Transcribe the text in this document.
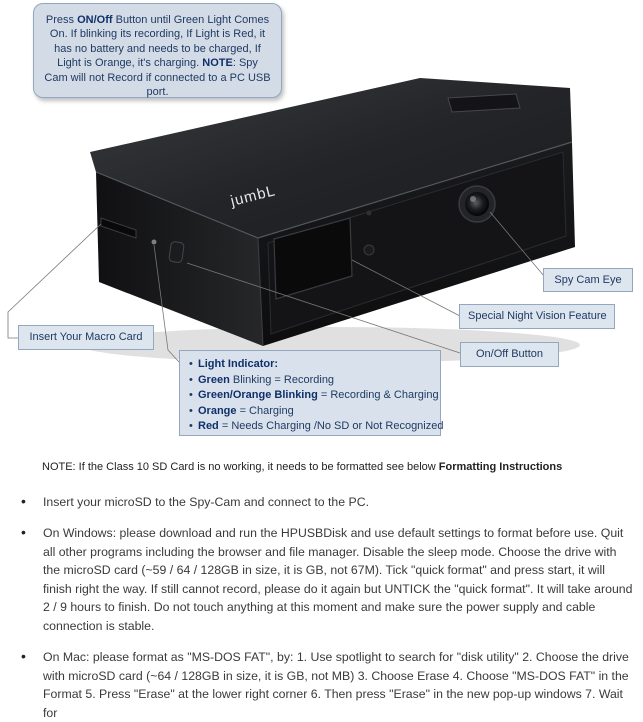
jumbL
Press ON/Off Button until Green Light Comes On. If blinking its recording, If Light is Red, it has no battery and needs to be charged, If Light is Orange, it's charging. NOTE: Spy Cam will not Record if connected to a PC USB port.
Spy Cam Eye
Special Night Vision Feature
On/Off Button
Insert Your Macro Card
• Light Indicator:
• Green Blinking = Recording
• Green/Orange Blinking = Recording & Charging
• Orange = Charging
• Red = Needs Charging /No SD or Not Recognized
NOTE: If the Class 10 SD Card is no working, it needs to be formatted see below Formatting Instructions
• Insert your microSD to the Spy-Cam and connect to the PC.
• On Windows: please download and run the HPUSBDisk and use default settings to format before use. Quit all other programs including the browser and file manager. Disable the sleep mode. Choose the drive with the microSD card (~59 / 64 / 128GB in size, it is GB, not 67M). Tick "quick format" and press start, it will finish right the way. If still cannot record, please do it again but UNTICK the "quick format". It will take around 2 / 9 hours to finish. Do not touch anything at this moment and make sure the power supply and cable connection is stable.
• On Mac: please format as "MS-DOS FAT", by: 1. Use spotlight to search for "disk utility" 2. Choose the drive with microSD card (~64 / 128GB in size, it is GB, not MB) 3. Choose Erase 4. Choose "MS-DOS FAT" in the Format 5. Press "Erase" at the lower right corner 6. Then press "Erase" in the new pop-up windows 7. Wait for
